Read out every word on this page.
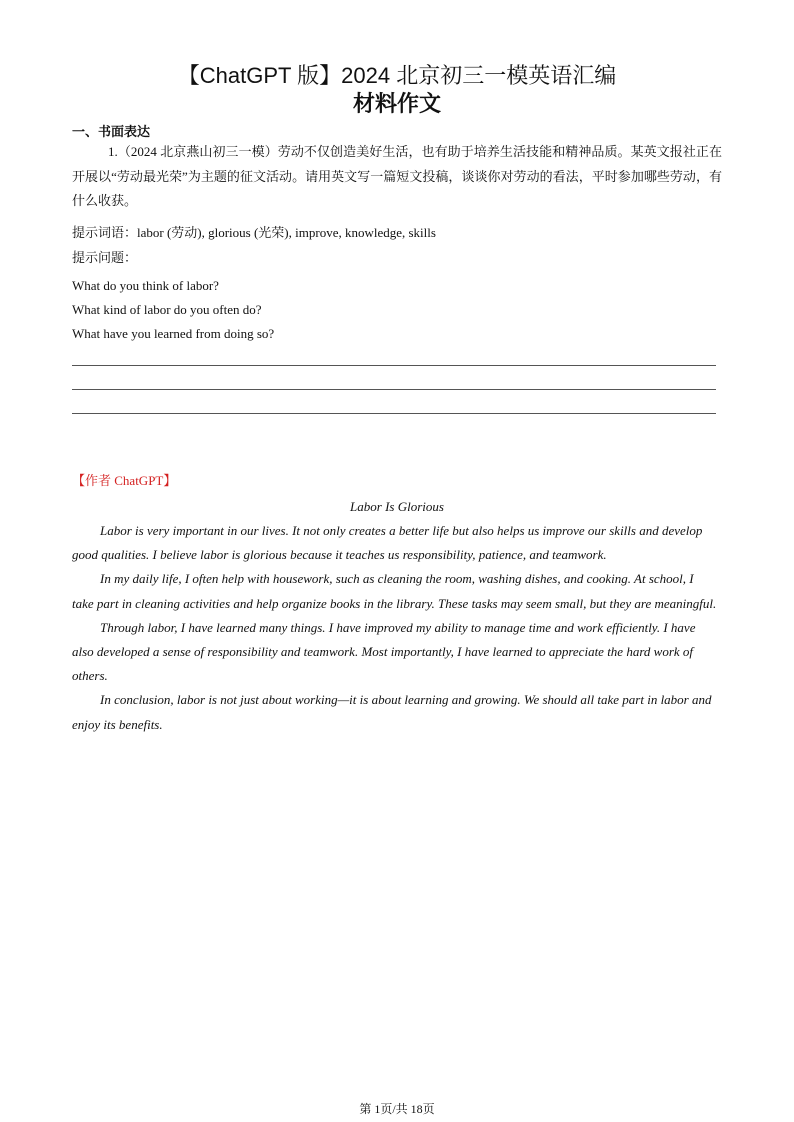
【ChatGPT 版】2024 北京初三一模英语汇编
材料作文
一、书面表达
1.（2024 北京燕山初三一模）劳动不仅创造美好生活，也有助于培养生活技能和精神品质。某英文报社正在开展以“劳动最光荣”为主题的征文活动。请用英文写一篇短文投稿，谈谈你对劳动的看法，平时参加哪些劳动，有什么收获。
提示词语：labor (劳动), glorious (光荣), improve, knowledge, skills
提示问题：
What do you think of labor?
What kind of labor do you often do?
What have you learned from doing so?
【作者 ChatGPT】
Labor Is Glorious

Labor is very important in our lives. It not only creates a better life but also helps us improve our skills and develop good qualities. I believe labor is glorious because it teaches us responsibility, patience, and teamwork.

In my daily life, I often help with housework, such as cleaning the room, washing dishes, and cooking. At school, I take part in cleaning activities and help organize books in the library. These tasks may seem small, but they are meaningful.

Through labor, I have learned many things. I have improved my ability to manage time and work efficiently. I have also developed a sense of responsibility and teamwork. Most importantly, I have learned to appreciate the hard work of others.

In conclusion, labor is not just about working—it is about learning and growing. We should all take part in labor and enjoy its benefits.

第 1页/共 18页
